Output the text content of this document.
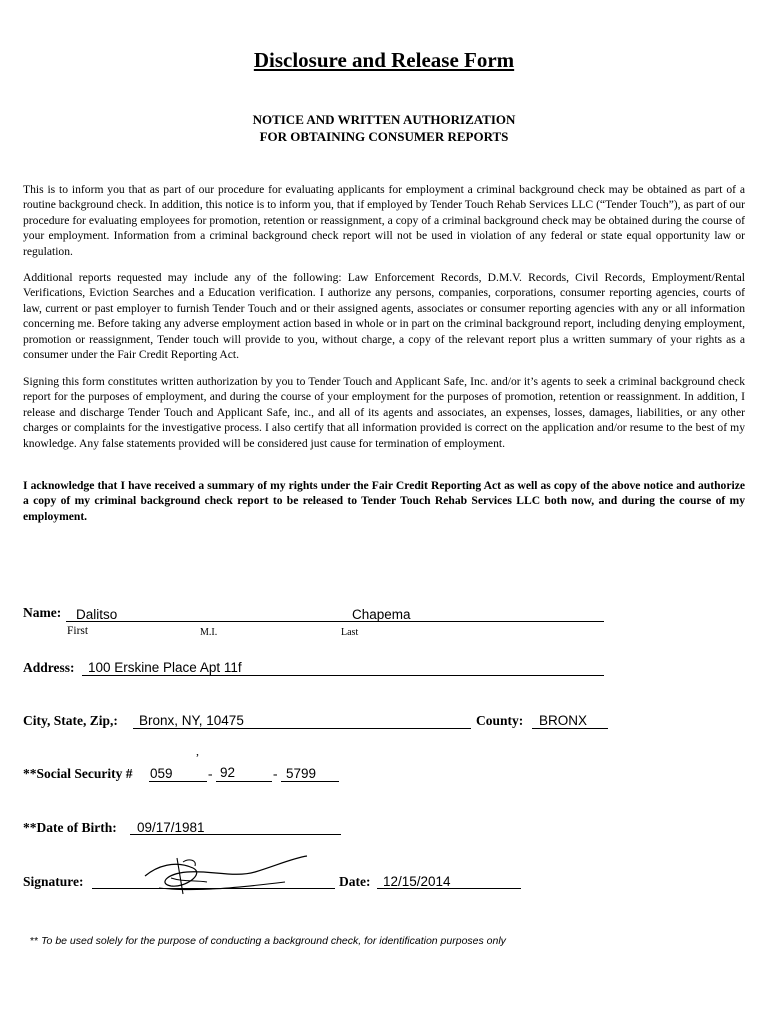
Disclosure and Release Form
NOTICE AND WRITTEN AUTHORIZATION
FOR OBTAINING CONSUMER REPORTS

This is to inform you that as part of our procedure for evaluating applicants for employment a criminal background check may be obtained as part of a routine background check. In addition, this notice is to inform you, that if employed by Tender Touch Rehab Services LLC (“Tender Touch”), as part of our procedure for evaluating employees for promotion, retention or reassignment, a copy of a criminal background check may be obtained during the course of your employment. Information from a criminal background check report will not be used in violation of any federal or state equal opportunity law or regulation.

Additional reports requested may include any of the following: Law Enforcement Records, D.M.V. Records, Civil Records, Employment/Rental Verifications, Eviction Searches and a Education verification. I authorize any persons, companies, corporations, consumer reporting agencies, courts of law, current or past employer to furnish Tender Touch and or their assigned agents, associates or consumer reporting agencies with any or all information concerning me. Before taking any adverse employment action based in whole or in part on the criminal background report, including denying employment, promotion or reassignment, Tender touch will provide to you, without charge, a copy of the relevant report plus a written summary of your rights as a consumer under the Fair Credit Reporting Act.

Signing this form constitutes written authorization by you to Tender Touch and Applicant Safe, Inc. and/or it’s agents to seek a criminal background check report for the purposes of employment, and during the course of your employment for the purposes of promotion, retention or reassignment. In addition, I release and discharge Tender Touch and Applicant Safe, inc., and all of its agents and associates, an expenses, losses, damages, liabilities, or any other charges or complaints for the investigative process. I also certify that all information provided is correct on the application and/or resume to the best of my knowledge. Any false statements provided will be considered just cause for termination of employment.

I acknowledge that I have received a summary of my rights under the Fair Credit Reporting Act as well as copy of the above notice and authorize a copy of my criminal background check report to be released to Tender Touch Rehab Services LLC both now, and during the course of my employment.

Name: Dalitso	Chapema
First	M.I.	Last
Address: 100 Erskine Place Apt 11f
City, State, Zip,: Bronx, NY, 10475	County: BRONX
,
**Social Security # 059	- 92	- 5799
**Date of Birth: 09/17/1981
Signature:	Date: 12/15/2014
** To be used solely for the purpose of conducting a background check, for identification purposes only
